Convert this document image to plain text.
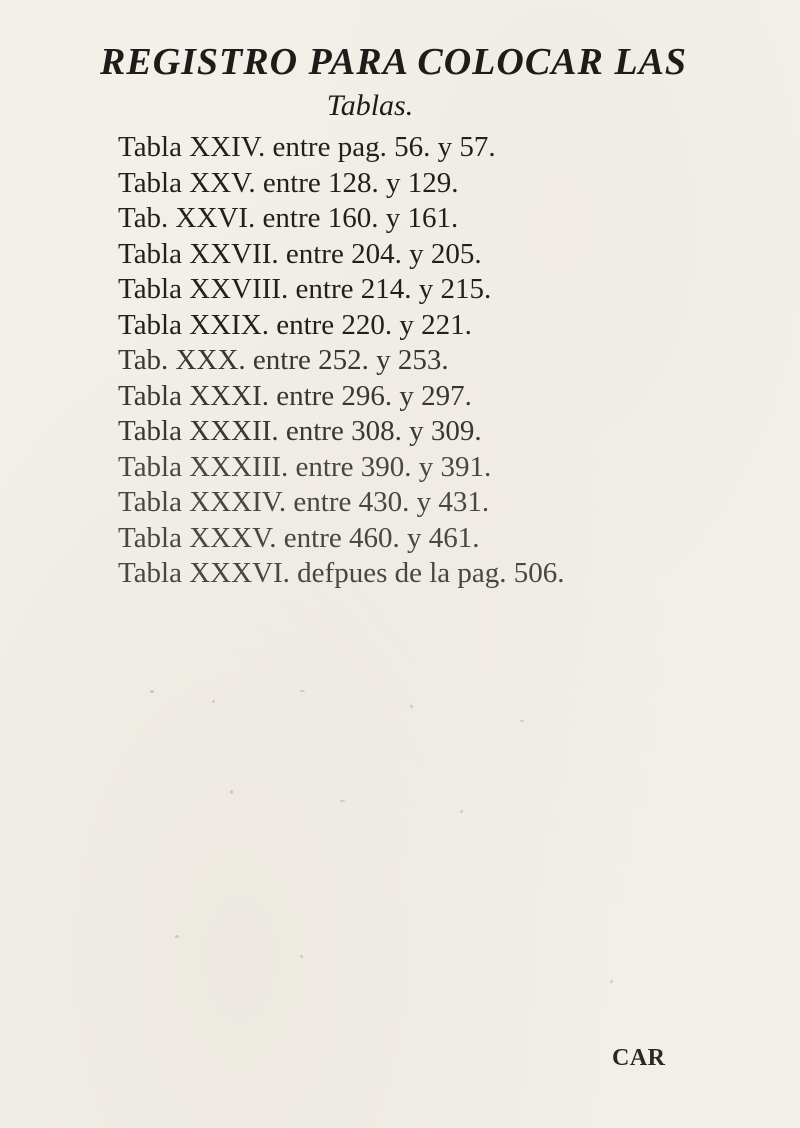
REGISTRO PARA COLOCAR LAS
Tablas.
Tabla XXIV. entre pag. 56. y 57.
Tabla XXV. entre 128. y 129.
Tab. XXVI. entre 160. y 161.
Tabla XXVII. entre 204. y 205.
Tabla XXVIII. entre 214. y 215.
Tabla XXIX. entre 220. y 221.
Tab. XXX. entre 252. y 253.
Tabla XXXI. entre 296. y 297.
Tabla XXXII. entre 308. y 309.
Tabla XXXIII. entre 390. y 391.
Tabla XXXIV. entre 430. y 431.
Tabla XXXV. entre 460. y 461.
Tabla XXXVI. defpues de la pag. 506.
CAR
